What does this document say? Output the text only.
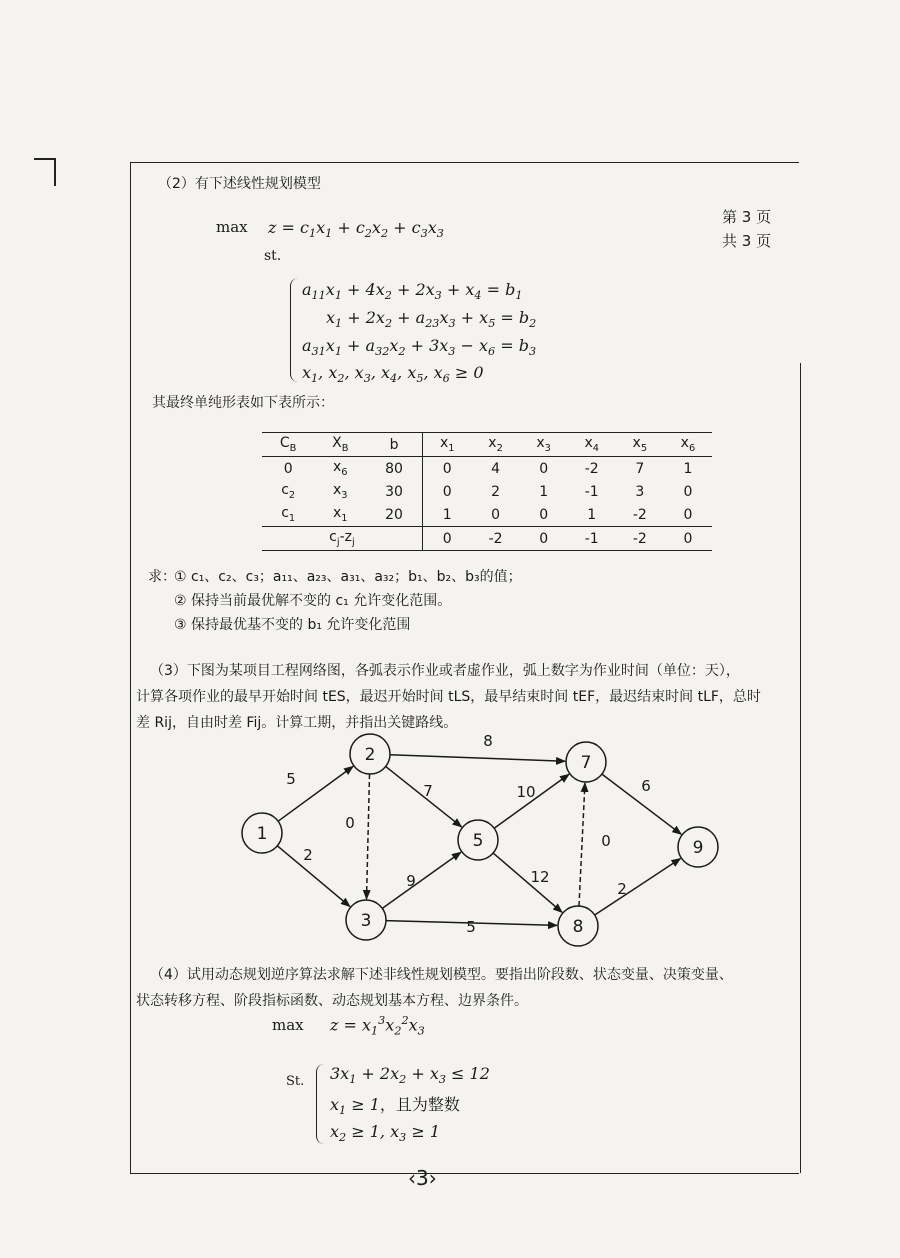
第 3 页
共 3 页
（2）有下述线性规划模型
$\max z = c_1x_1 + c_2x_2 + c_3x_3$
st.
$a_{11}x_1 + 4x_2 + 2x_3 + x_4 = b_1$
$x_1 + 2x_2 + a_{23}x_3 + x_5 = b_2$
$a_{31}x_1 + a_{32}x_2 + 3x_3 - x_6 = b_3$
$x_1$, $x_2$, $x_3$, $x_4$, $x_5$, $x_6 \ge 0$
其最终单纯形表如下表所示：
$C_B$	$X_B$	b	$x_1$	$x_2$	$x_3$	$x_4$	$x_5$	$x_6$
0	$x_6$	80	0	4	0	-2	7	1
$c_2$	$x_3$	30	0	2	1	-1	3	0
$c_1$	$x_1$	20	1	0	0	1	-2	0
$c_j-z_j$			0	-2	0	-1	-2	0
求：
① c₁、c₂、c₃；a₁₁、a₂₃、a₃₁、a₃₂；b₁、b₂、b₃的值；
② 保持当前最优解不变的 c₁ 允许变化范围。
③ 保持最优基不变的 b₁ 允许变化范围
（3）下图为某项目工程网络图，各弧表示作业或者虚作业，弧上数字为作业时间（单位：天），
计算各项作业的最早开始时间 tES，最迟开始时间 tLS，最早结束时间 tEF，最迟结束时间 tLF，总时
差 Rij，自由时差 Fij。计算工期，并指出关键路线。
5
2
0
7
8
9
5
10
12
0
6
2
1
2
3
5
7
8
9
（4）试用动态规划逆序算法求解下述非线性规划模型。要指出阶段数、状态变量、决策变量、
状态转移方程、阶段指标函数、动态规划基本方程、边界条件。
$\max z = x_1^3x_2^2x_3$
St. $3x_1 + 2x_2 + x_3 \le 12$
$x_1 \ge 1$，且为整数
$x_2 \ge 1$, $x_3 \ge 1$
‹3›
